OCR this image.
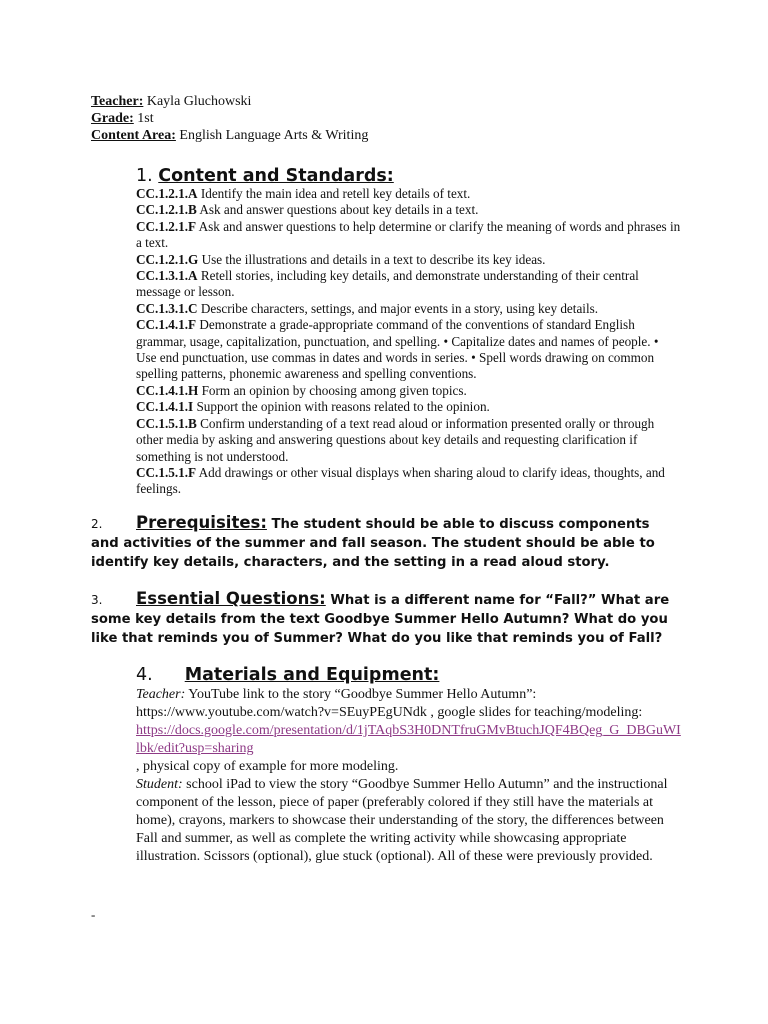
Teacher: Kayla Gluchowski
Grade: 1st
Content Area: English Language Arts & Writing
1. Content and Standards:

CC.1.2.1.A Identify the main idea and retell key details of text.

CC.1.2.1.B Ask and answer questions about key details in a text.

CC.1.2.1.F Ask and answer questions to help determine or clarify the meaning of words and phrases in a text.

CC.1.2.1.G Use the illustrations and details in a text to describe its key ideas.

CC.1.3.1.A Retell stories, including key details, and demonstrate understanding of their central message or lesson.

CC.1.3.1.C Describe characters, settings, and major events in a story, using key details.

CC.1.4.1.F Demonstrate a grade-appropriate command of the conventions of standard English grammar, usage, capitalization, punctuation, and spelling. • Capitalize dates and names of people. • Use end punctuation, use commas in dates and words in series. • Spell words drawing on common spelling patterns, phonemic awareness and spelling conventions.

CC.1.4.1.H Form an opinion by choosing among given topics.

CC.1.4.1.I Support the opinion with reasons related to the opinion.

CC.1.5.1.B Confirm understanding of a text read aloud or information presented orally or through other media by asking and answering questions about key details and requesting clarification if something is not understood.

CC.1.5.1.F Add drawings or other visual displays when sharing aloud to clarify ideas, thoughts, and feelings.

2. Prerequisites: The student should be able to discuss components and activities of the summer and fall season. The student should be able to identify key details, characters, and the setting in a read aloud story.
3. Essential Questions: What is a different name for “Fall?” What are some key details from the text Goodbye Summer Hello Autumn? What do you like that reminds you of Summer? What do you like that reminds you of Fall?
4. Materials and Equipment:

Teacher: YouTube link to the story “Goodbye Summer Hello Autumn”: https://www.youtube.com/watch?v=SEuyPEgUNdk , google slides for teaching/modeling:
https://docs.google.com/presentation/d/1jTAqbS3H0DNTfruGMvBtuchJQF4BQeg_G_DBGuWIlbk/edit?usp=sharing
, physical copy of example for more modeling.

Student: school iPad to view the story “Goodbye Summer Hello Autumn” and the instructional component of the lesson, piece of paper (preferably colored if they still have the materials at home), crayons, markers to showcase their understanding of the story, the differences between Fall and summer, as well as complete the writing activity while showcasing appropriate illustration. Scissors (optional), glue stuck (optional). All of these were previously provided.

-
